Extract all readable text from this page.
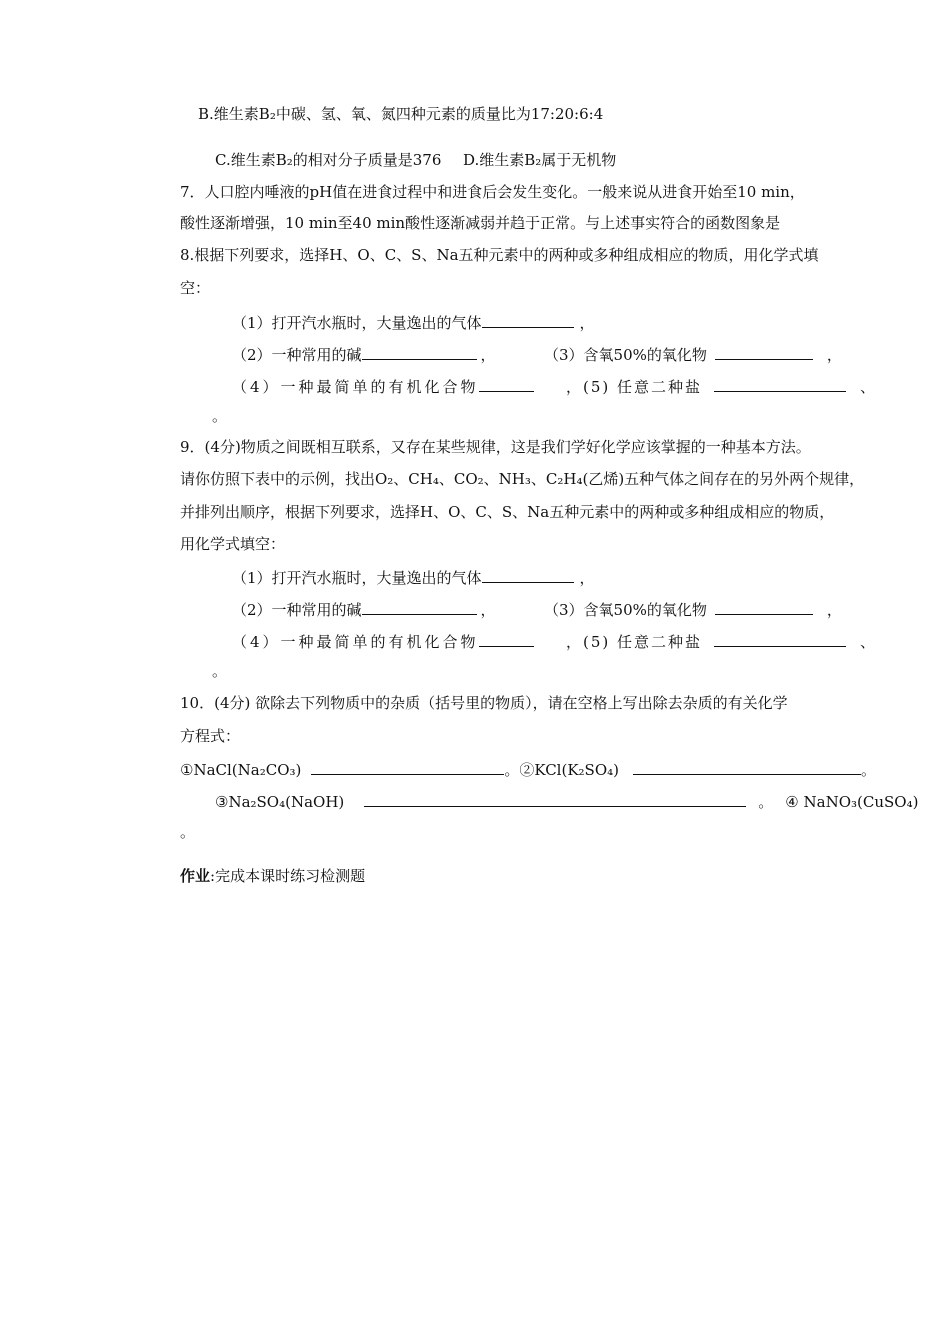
B.维生素B₂中碳、氢、氧、氮四种元素的质量比为17:20:6:4
C.维生素B₂的相对分子质量是376 D.维生素B₂属于无机物
7．人口腔内唾液的pH值在进食过程中和进食后会发生变化。一般来说从进食开始至10 min，
酸性逐渐增强，10 min至40 min酸性逐渐减弱并趋于正常。与上述事实符合的函数图象是
8.根据下列要求，选择H、O、C、S、Na五种元素中的两种或多种组成相应的物质，用化学式填
空：
（1）打开汽水瓶时，大量逸出的气体	，
（2）一种常用的碱	，	（3）含氧50%的氧化物	，
（4）一种最简单的有机化合物	，(5) 任意二种盐	、
。
9．(4分)物质之间既相互联系，又存在某些规律，这是我们学好化学应该掌握的一种基本方法。
请你仿照下表中的示例，找出O₂、CH₄、CO₂、NH₃、C₂H₄(乙烯)五种气体之间存在的另外两个规律，
并排列出顺序，根据下列要求，选择H、O、C、S、Na五种元素中的两种或多种组成相应的物质，
用化学式填空：
（1）打开汽水瓶时，大量逸出的气体	，
（2）一种常用的碱	，	（3）含氧50%的氧化物	，
（4）一种最简单的有机化合物	，(5) 任意二种盐	、
。
10．(4分) 欲除去下列物质中的杂质（括号里的物质），请在空格上写出除去杂质的有关化学
方程式：
①NaCl(Na₂CO₃)	。②KCl(K₂SO₄)	。
③Na₂SO₄(NaOH)	。 ④ NaNO₃(CuSO₄)
。
作业:完成本课时练习检测题
